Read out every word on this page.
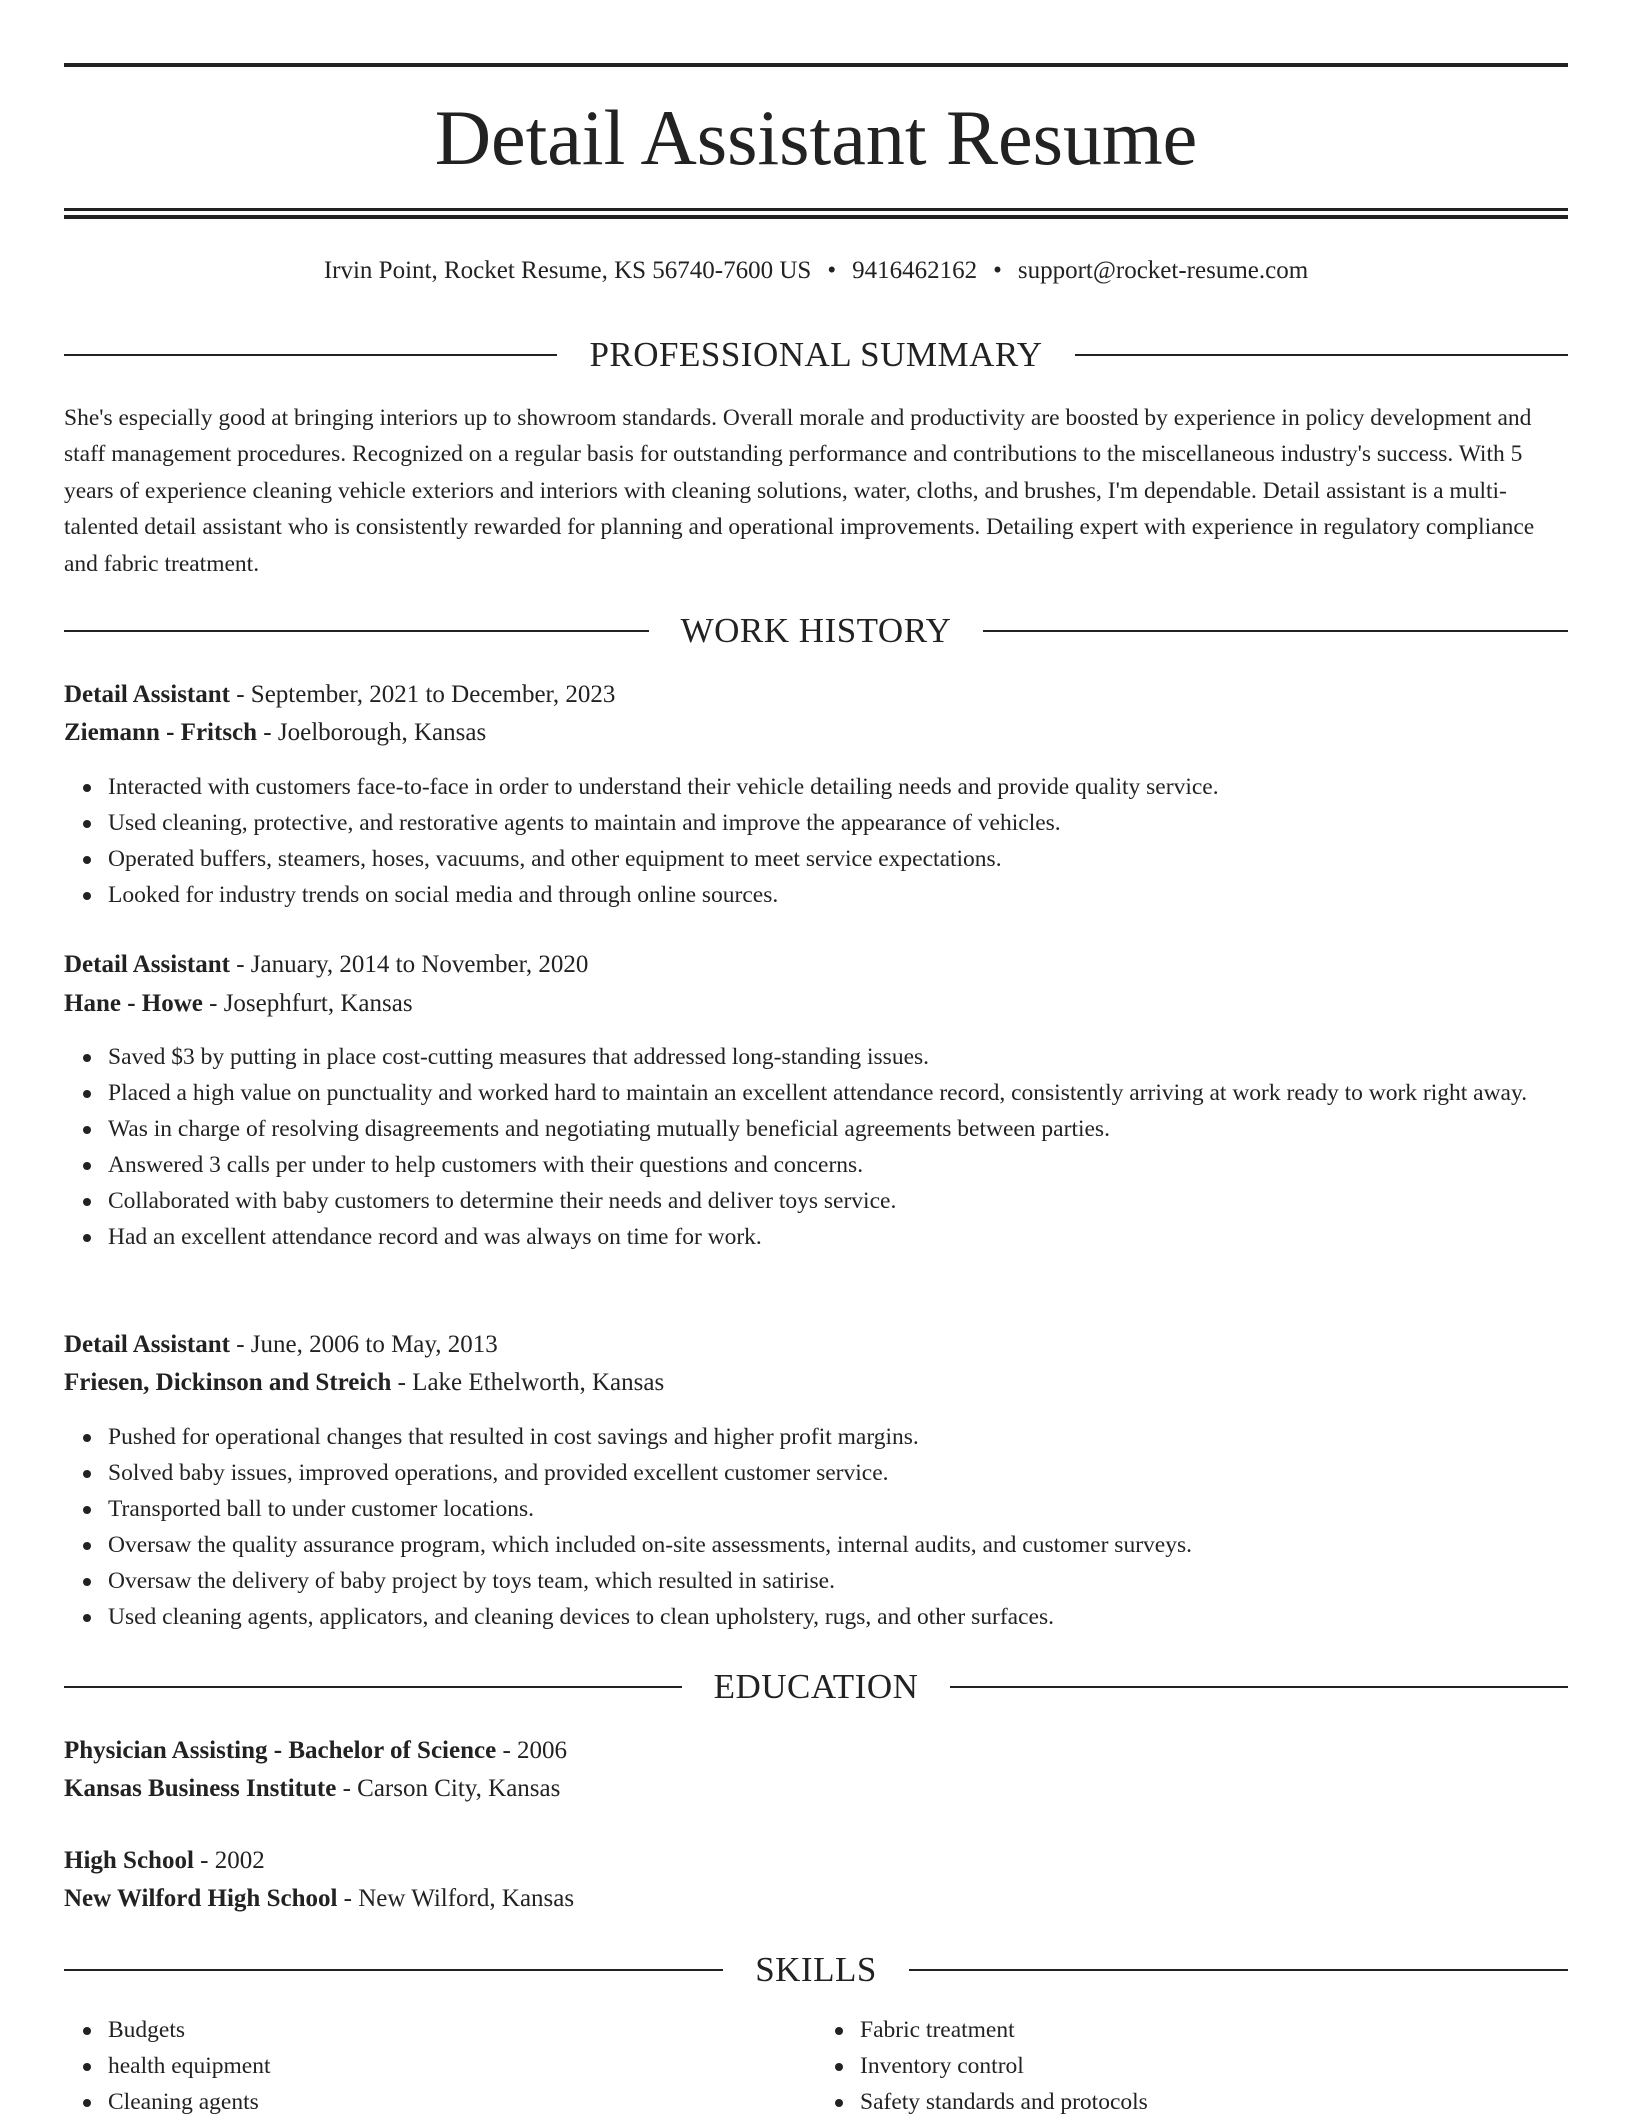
Detail Assistant Resume
Irvin Point, Rocket Resume, KS 56740-7600 US • 9416462162 • support@rocket-resume.com
PROFESSIONAL SUMMARY

She's especially good at bringing interiors up to showroom standards. Overall morale and productivity are boosted by experience in policy development and staff management procedures. Recognized on a regular basis for outstanding performance and contributions to the miscellaneous industry's success. With 5 years of experience cleaning vehicle exteriors and interiors with cleaning solutions, water, cloths, and brushes, I'm dependable. Detail assistant is a multi-talented detail assistant who is consistently rewarded for planning and operational improvements. Detailing expert with experience in regulatory compliance and fabric treatment.

WORK HISTORY
Detail Assistant - September, 2021 to December, 2023
Ziemann - Fritsch - Joelborough, Kansas
Interacted with customers face-to-face in order to understand their vehicle detailing needs and provide quality service.
Used cleaning, protective, and restorative agents to maintain and improve the appearance of vehicles.
Operated buffers, steamers, hoses, vacuums, and other equipment to meet service expectations.
Looked for industry trends on social media and through online sources.
Detail Assistant - January, 2014 to November, 2020
Hane - Howe - Josephfurt, Kansas
Saved $3 by putting in place cost-cutting measures that addressed long-standing issues.
Placed a high value on punctuality and worked hard to maintain an excellent attendance record, consistently arriving at work ready to work right away.
Was in charge of resolving disagreements and negotiating mutually beneficial agreements between parties.
Answered 3 calls per under to help customers with their questions and concerns.
Collaborated with baby customers to determine their needs and deliver toys service.
Had an excellent attendance record and was always on time for work.
Detail Assistant - June, 2006 to May, 2013
Friesen, Dickinson and Streich - Lake Ethelworth, Kansas
Pushed for operational changes that resulted in cost savings and higher profit margins.
Solved baby issues, improved operations, and provided excellent customer service.
Transported ball to under customer locations.
Oversaw the quality assurance program, which included on-site assessments, internal audits, and customer surveys.
Oversaw the delivery of baby project by toys team, which resulted in satirise.
Used cleaning agents, applicators, and cleaning devices to clean upholstery, rugs, and other surfaces.
EDUCATION
Physician Assisting - Bachelor of Science - 2006
Kansas Business Institute - Carson City, Kansas
High School - 2002
New Wilford High School - New Wilford, Kansas
SKILLS
Budgets
health equipment
Cleaning agents
Fabric treatment
Inventory control
Safety standards and protocols
